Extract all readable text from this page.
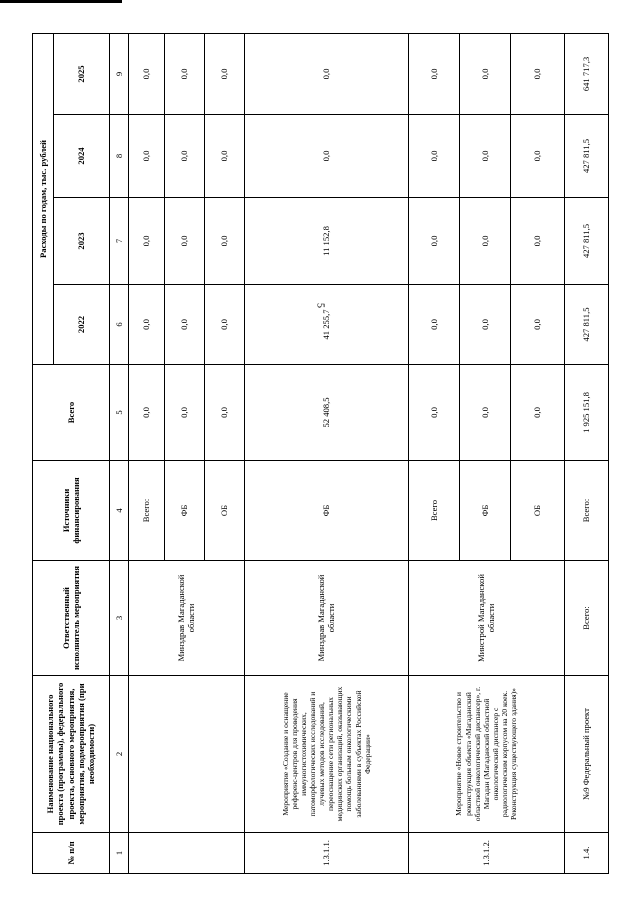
5
№ п/п	Наименование национального проекта (программы), федерального проекта, основного мероприятия, мероприятия, подмероприятия (при необходимости)	Ответственный исполнитель мероприятия	Источники финансирования	Всего	Расходы по годам, тыс. рублей			
					2022	2023	2024	2025
1	2	3	4	5	6	7	8	9
		Минздрав Магаданской области	Всего:	0,0	0,0	0,0	0,0	0,0
			ФБ	0,0	0,0	0,0	0,0	0,0
			ОБ	0,0	0,0	0,0	0,0	0,0
1.3.1.1.	Мероприятие «Создание и оснащение референс-центров для проведения иммуногистохимических, патоморфологических исследований и лучевых методов исследований, переоснащение сети региональных медицинских организаций, оказывающих помощь больным онкологическими заболеваниями в субъектах Российской Федерации»	Минздрав Магаданской области	ФБ	52 408,5	41 255,7	11 152,8	0,0	0,0
1.3.1.2.	Мероприятие «Новое строительство и реконструкция объекта «Магаданский областной онкологический диспансер», г. Магадан (Магаданский областной онкологический диспансер с радиологическим корпусом на 20 коек. Реконструкция существующего здания)»	Минстрой Магаданской области	Всего	0,0	0,0	0,0	0,0	0,0
			ФБ	0,0	0,0	0,0	0,0	0,0
			ОБ	0,0	0,0	0,0	0,0	0,0
1.4.	№9 Федеральный проект	Всего:	Всего:	1 925 151,8	427 811,5	427 811,5	427 811,5	641 717,3
